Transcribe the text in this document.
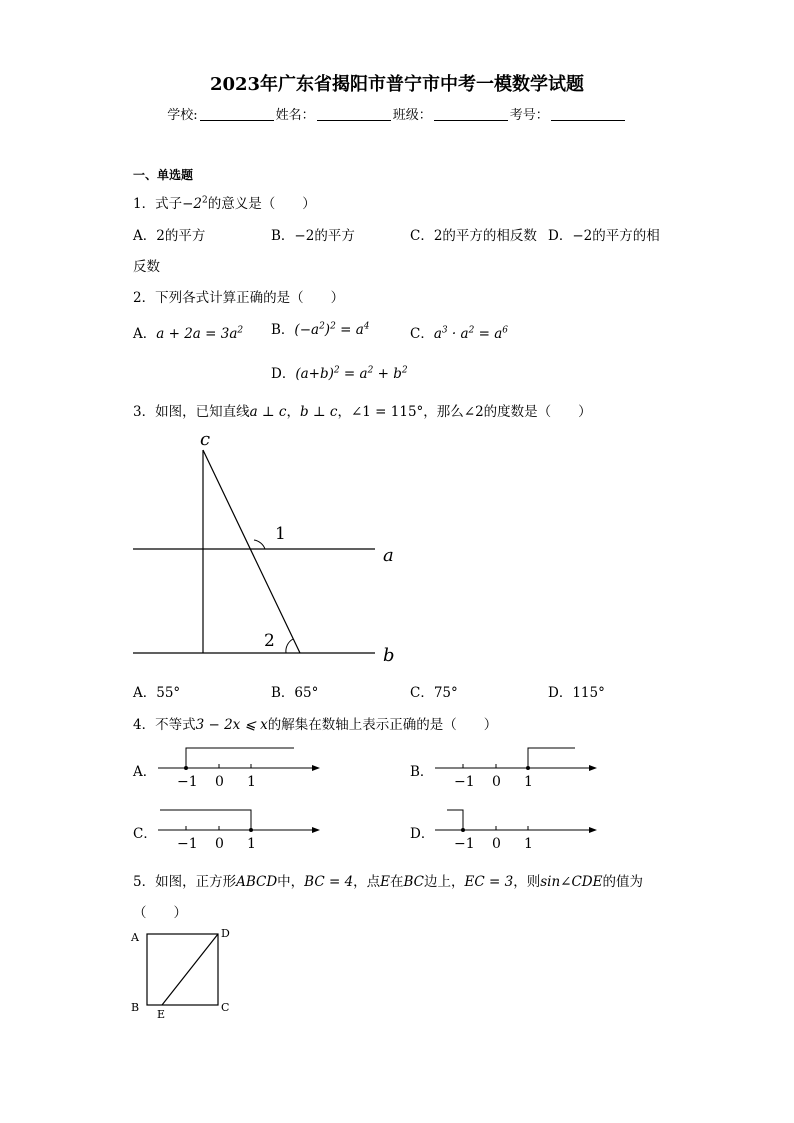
2023年广东省揭阳市普宁市中考一模数学试题
学校:	姓名：	班级：	考号：
一、单选题
1．式子$-2^2$的意义是（　　）
A．2的平方	B．−2的平方	C．2的平方的相反数 D．−2的平方的相
反数
2．下列各式计算正确的是（　　）
A．$a + 2a = 3a^2$ B．$(-a^2)^2 = a^4$	C．$a^3 \cdot a^2 = a^6$
D．$(a+b)^2 = a^2 + b^2$
3．如图，已知直线a ⊥ c，b ⊥ c，∠1 = 115°，那么∠2的度数是（　　）
c
a
b
1
2
A．55°	B．65°	C．75°	D．115°
4．不等式3 − 2x ⩽ x的解集在数轴上表示正确的是（　　）
A．
−1 0 1
B．
−1 0 1
C．
−1 0 1
D．
−1 0 1
5．如图，正方形ABCD中，BC = 4，点E在BC边上，EC = 3，则sin∠CDE的值为
（　　）
A	D
B	C
E
